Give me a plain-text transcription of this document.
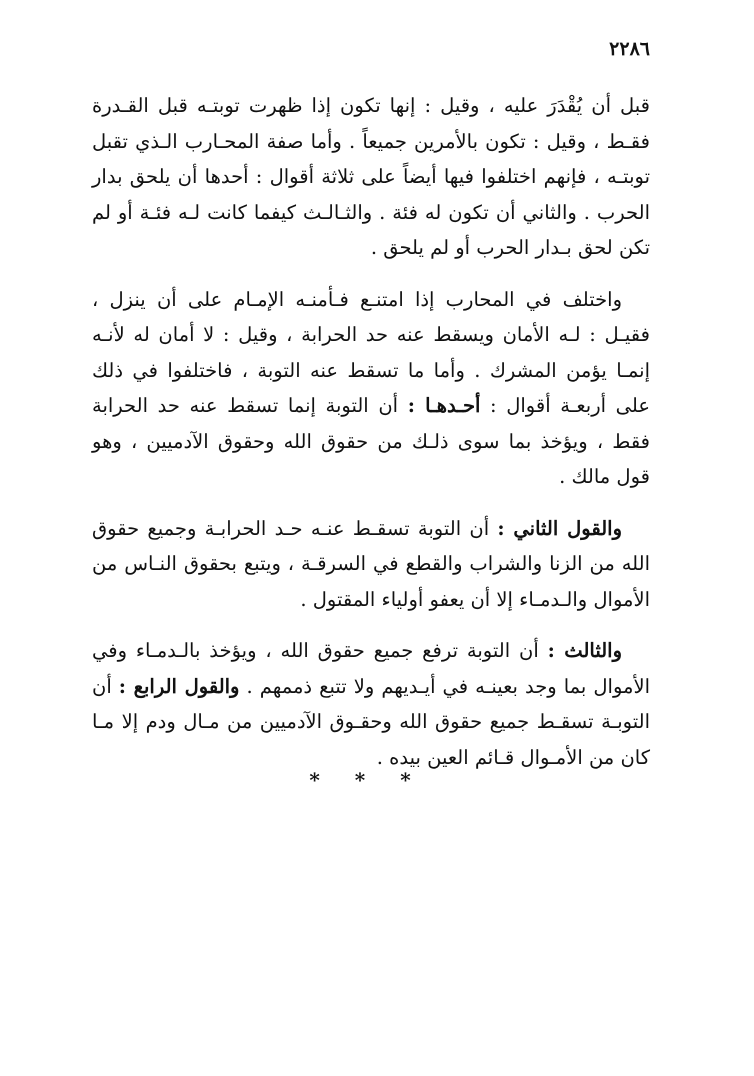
٢٢٨٦

قبل أن يُقْدَرَ عليه ، وقيل : إنها تكون إذا ظهرت توبتـه قبل القـدرة فقـط ، وقيل : تكون بالأمرين جميعاً . وأما صفة المحـارب الـذي تقبل توبتـه ، فإنهم اختلفوا فيها أيضاً على ثلاثة أقوال : أحدها أن يلحق بدار الحرب . والثاني أن تكون له فئة . والثـالـث كيفما كانت لـه فئـة أو لم تكن لحق بـدار الحرب أو لم يلحق .

واختلف في المحارب إذا امتنـع فـأمنـه الإمـام على أن ينزل ، فقيـل : لـه الأمان ويسقط عنه حد الحرابة ، وقيل : لا أمان له لأنـه إنمـا يؤمن المشرك . وأما ما تسقط عنه التوبة ، فاختلفوا في ذلك على أربعـة أقوال : أحـدهـا : أن التوبة إنما تسقط عنه حد الحرابة فقط ، ويؤخذ بما سوى ذلـك من حقوق الله وحقوق الآدميين ، وهو قول مالك .

والقول الثاني : أن التوبة تسقـط عنـه حـد الحرابـة وجميع حقوق الله من الزنا والشراب والقطع في السرقـة ، ويتبع بحقوق النـاس من الأموال والـدمـاء إلا أن يعفو أولياء المقتول .

والثالث : أن التوبة ترفع جميع حقوق الله ، ويؤخذ بالـدمـاء وفي الأموال بما وجد بعينـه في أيـديهم ولا تتبع ذممهم . والقول الرابع : أن التوبـة تسقـط جميع حقوق الله وحقـوق الآدميين من مـال ودم إلا مـا كان من الأمـوال قـائم العين بيده .

* * *
